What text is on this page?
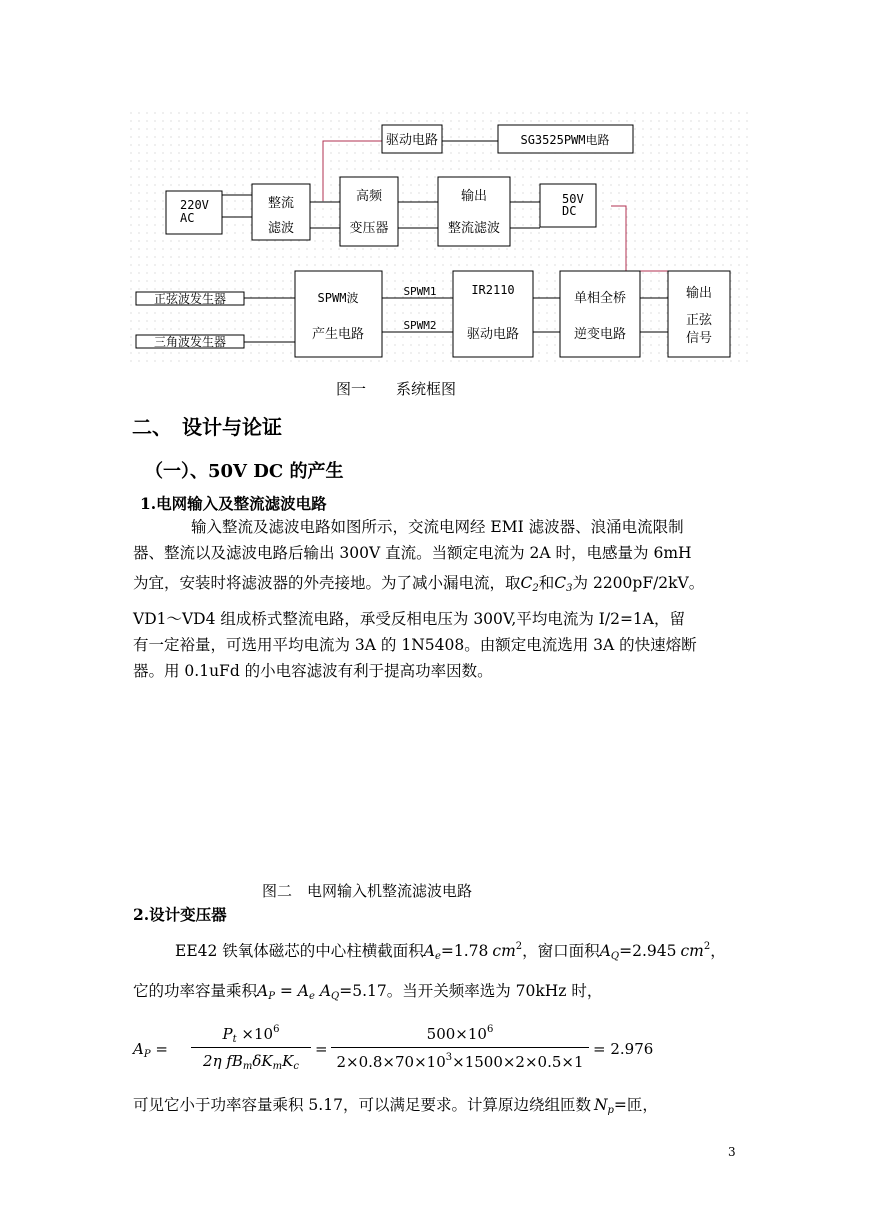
驱动电路	SG3525PWM电路
220V
AC
整流
滤波
高频
变压器
输出
整流滤波
50V
DC
正弦波发生器
三角波发生器
SPWM波
产生电路
IR2110
驱动电路
单相全桥
逆变电路
输出
正弦
信号
SPWM1
SPWM2
图一　　系统框图
二、　设计与论证
（一）、50V DC 的产生
1.电网输入及整流滤波电路
输入整流及滤波电路如图所示，交流电网经 EMI 滤波器、浪涌电流限制
器、整流以及滤波电路后输出 300V 直流。当额定电流为 2A 时，电感量为 6mH
为宜，安装时将滤波器的外壳接地。为了减小漏电流，取$C_2$和$C_3$为 2200pF/2kV。
VD1～VD4 组成桥式整流电路，承受反相电压为 300V,平均电流为 I/2=1A，留
有一定裕量，可选用平均电流为 3A 的 1N5408。由额定电流选用 3A 的快速熔断
器。用 0.1uFd 的小电容滤波有利于提高功率因数。
图二　电网输入机整流滤波电路
2.设计变压器
EE42 铁氧体磁芯的中心柱横截面积$A_e=1.78$ $cm^2$，窗口面积$A_Q=2.945$ $cm^2$，
它的功率容量乘积$A_P = A_e$ $A_Q=5.17$。当开关频率选为 70kHz 时，
$A_P$ =
$P_t \times 10^6$
2η $fB_m\delta K_mK_c$
=
$500\times 10^6$
$2\times 0.8\times 70\times 10^3\times 1500\times 2\times 0.5\times 1$
= 2.976
可见它小于功率容量乘积 5.17，可以满足要求。计算原边绕组匝数 $N_p=$匝，
3
